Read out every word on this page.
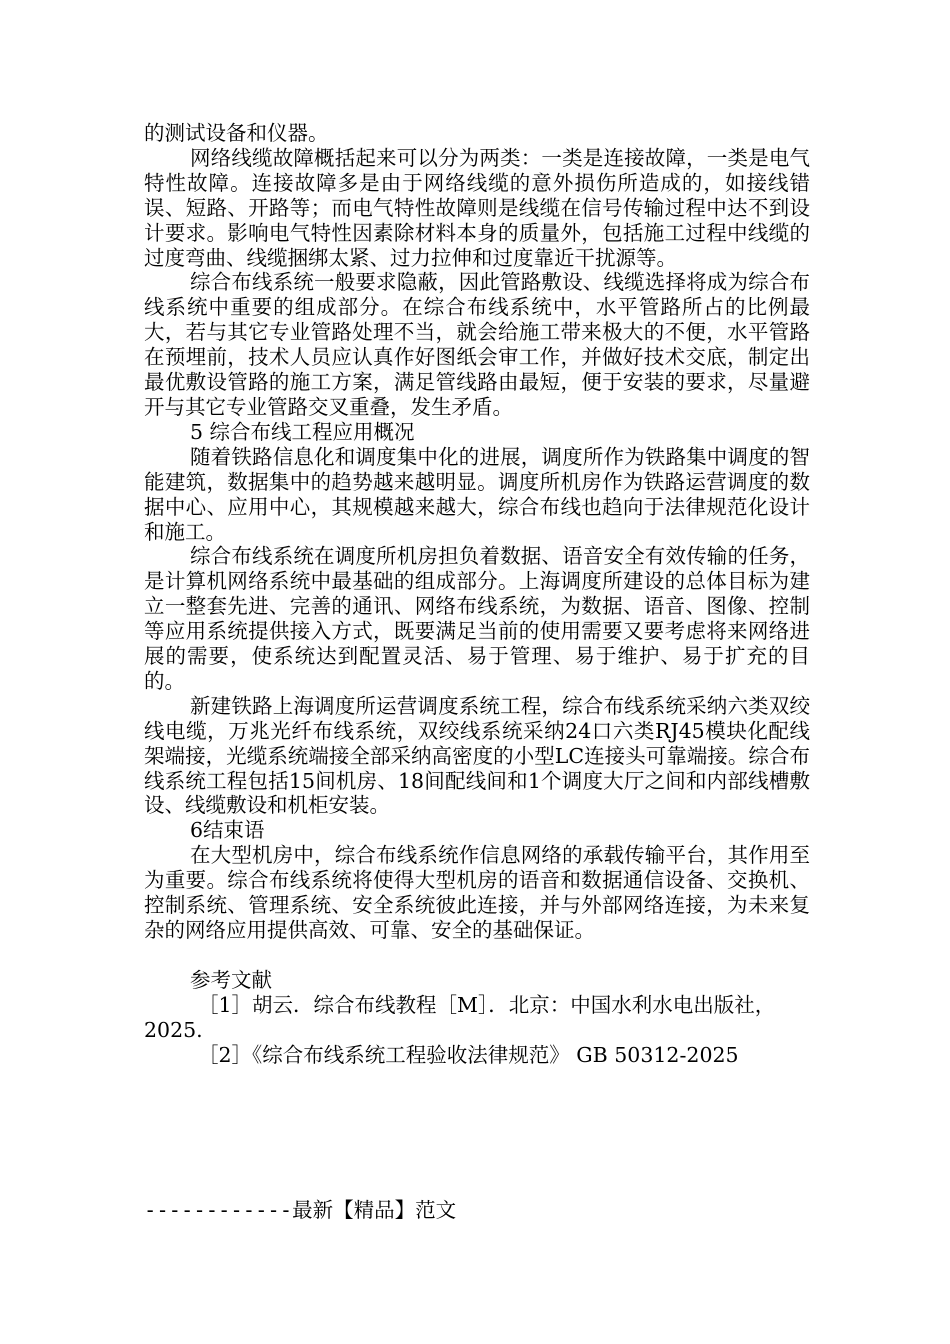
的测试设备和仪器。

网络线缆故障概括起来可以分为两类：一类是连接故障，一类是电气特性故障。连接故障多是由于网络线缆的意外损伤所造成的，如接线错误、短路、开路等；而电气特性故障则是线缆在信号传输过程中达不到设计要求。影响电气特性因素除材料本身的质量外，包括施工过程中线缆的过度弯曲、线缆捆绑太紧、过力拉伸和过度靠近干扰源等。

综合布线系统一般要求隐蔽，因此管路敷设、线缆选择将成为综合布线系统中重要的组成部分。在综合布线系统中，水平管路所占的比例最大，若与其它专业管路处理不当，就会给施工带来极大的不便，水平管路在预埋前，技术人员应认真作好图纸会审工作，并做好技术交底，制定出最优敷设管路的施工方案，满足管线路由最短，便于安装的要求，尽量避开与其它专业管路交叉重叠，发生矛盾。

5 综合布线工程应用概况

随着铁路信息化和调度集中化的进展，调度所作为铁路集中调度的智能建筑，数据集中的趋势越来越明显。调度所机房作为铁路运营调度的数据中心、应用中心，其规模越来越大，综合布线也趋向于法律规范化设计和施工。

综合布线系统在调度所机房担负着数据、语音安全有效传输的任务，是计算机网络系统中最基础的组成部分。上海调度所建设的总体目标为建立一整套先进、完善的通讯、网络布线系统，为数据、语音、图像、控制等应用系统提供接入方式，既要满足当前的使用需要又要考虑将来网络进展的需要，使系统达到配置灵活、易于管理、易于维护、易于扩充的目的。

新建铁路上海调度所运营调度系统工程，综合布线系统采纳六类双绞线电缆，万兆光纤布线系统，双绞线系统采纳24口六类RJ45模块化配线架端接，光缆系统端接全部采纳高密度的小型LC连接头可靠端接。综合布线系统工程包括15间机房、18间配线间和1个调度大厅之间和内部线槽敷设、线缆敷设和机柜安装。

6结束语

在大型机房中，综合布线系统作信息网络的承载传输平台，其作用至为重要。综合布线系统将使得大型机房的语音和数据通信设备、交换机、控制系统、管理系统、安全系统彼此连接，并与外部网络连接，为未来复杂的网络应用提供高效、可靠、安全的基础保证。

参考文献

［1］胡云．综合布线教程［M］．北京：中国水利水电出版社，2025.

［2］《综合布线系统工程验收法律规范》 GB 50312-2025

------------最新【精品】范文
